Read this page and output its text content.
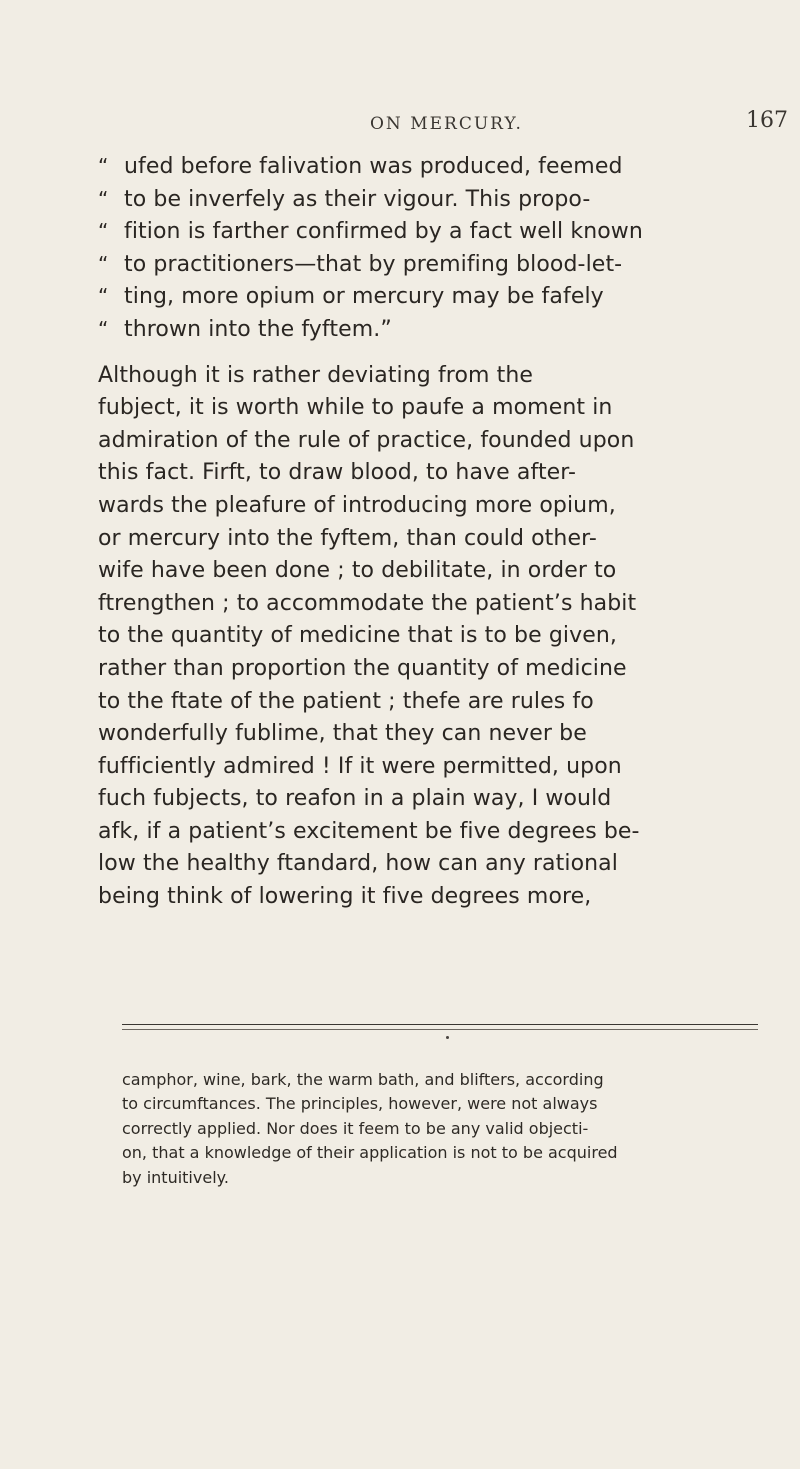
ON MERCURY.	167
“ ufed before falivation was produced, feemed
“ to be inverfely as their vigour. This propo-
“ fition is farther confirmed by a fact well known
“ to practitioners—that by premifing blood-let-
“ ting, more opium or mercury may be fafely
“ thrown into the fyftem.”
Although it is rather deviating from the
fubject, it is worth while to paufe a moment in
admiration of the rule of practice, founded upon
this fact. Firft, to draw blood, to have after-
wards the pleafure of introducing more opium,
or mercury into the fyftem, than could other-
wife have been done ; to debilitate, in order to
ftrengthen ; to accommodate the patient’s habit
to the quantity of medicine that is to be given,
rather than proportion the quantity of medicine
to the ftate of the patient ; thefe are rules fo
wonderfully fublime, that they can never be
fufficiently admired ! If it were permitted, upon
fuch fubjects, to reafon in a plain way, I would
afk, if a patient’s excitement be five degrees be-
low the healthy ftandard, how can any rational
being think of lowering it five degrees more,
camphor, wine, bark, the warm bath, and blifters, according
to circumftances. The principles, however, were not always
correctly applied. Nor does it feem to be any valid objecti-
on, that a knowledge of their application is not to be acquired
by intuitively.
